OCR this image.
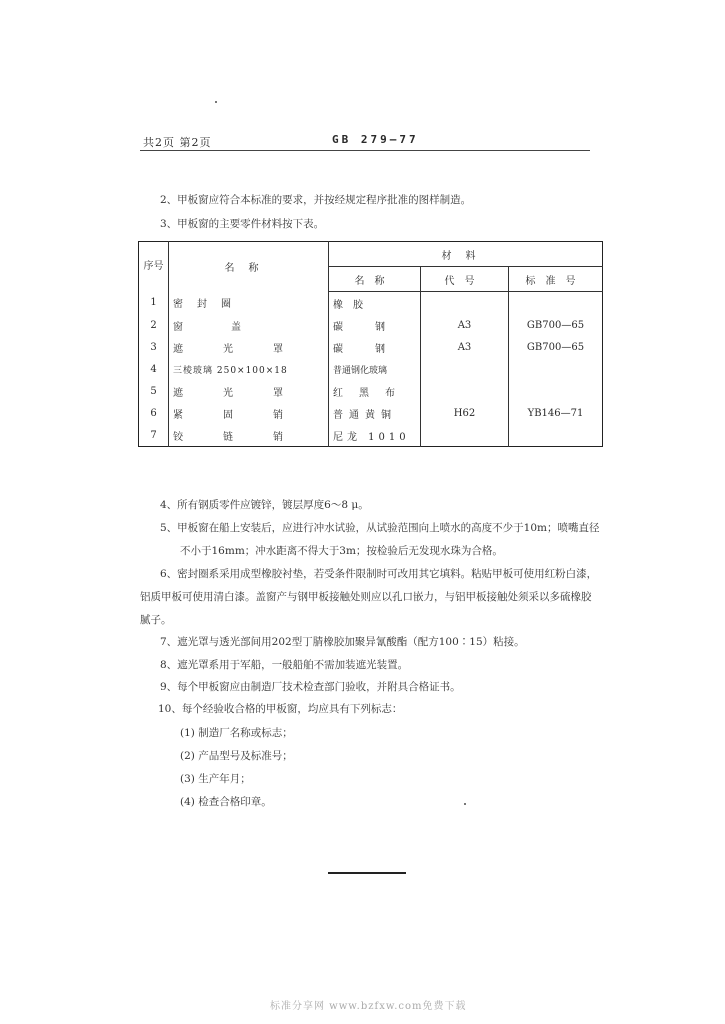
共2页 第2页	GB 279—77
2、甲板窗应符合本标准的要求，并按经规定程序批准的图样制造。
3、甲板窗的主要零件材料按下表。
序号	名称	材料		
		名称	代号	标准号
1	密封圈	橡胶		
2	窗盖	碳钢	A3	GB700—65
3	遮光罩	碳钢	A3	GB700—65
4	三棱玻璃 250×100×18	普通钢化玻璃		
5	遮光罩	红黑布		
6	紧固销	普通黄铜	H62	YB146—71
7	铰链销	尼龙 1010		
4、所有钢质零件应镀锌，镀层厚度6～8 μ。
5、甲板窗在船上安装后，应进行冲水试验，从试验范围向上喷水的高度不少于10m；喷嘴直径
不小于16mm；冲水距离不得大于3m；按检验后无发现水珠为合格。
6、密封圈系采用成型橡胶衬垫，若受条件限制时可改用其它填料。粘贴甲板可使用红粉白漆，
铝质甲板可使用清白漆。盖窗产与钢甲板接触处则应以孔口嵌力，与铝甲板接触处须采以多硫橡胶
腻子。
7、遮光罩与透光部间用202型丁腈橡胶加聚异氰酸酯（配方100∶15）粘接。
8、遮光罩系用于军船，一般船舶不需加装遮光装置。
9、每个甲板窗应由制造厂技术检查部门验收，并附具合格证书。
10、每个经验收合格的甲板窗，均应具有下列标志：
(1) 制造厂名称或标志；
(2) 产品型号及标准号；
(3) 生产年月；
(4) 检查合格印章。
标准分享网 www.bzfxw.com免费下载
